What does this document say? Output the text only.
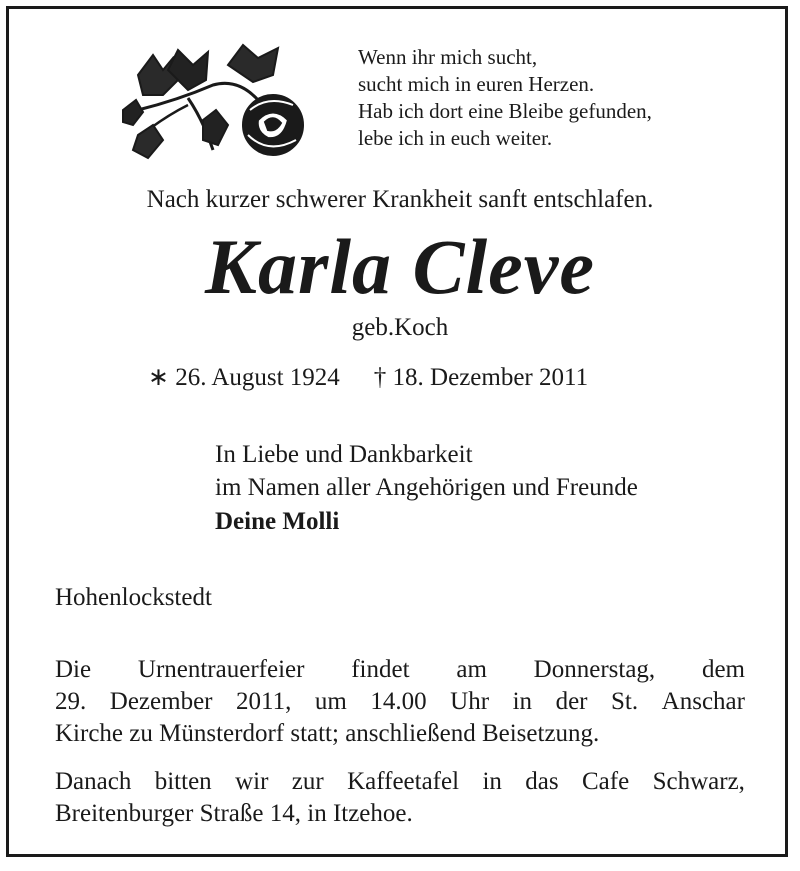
Wenn ihr mich sucht,
sucht mich in euren Herzen.
Hab ich dort eine Bleibe gefunden,
lebe ich in euch weiter.
Nach kurzer schwerer Krankheit sanft entschlafen.
Karla Cleve
geb.Koch
∗ 26. August 1924 † 18. Dezember 2011
In Liebe und Dankbarkeit
im Namen aller Angehörigen und Freunde
Deine Molli
Hohenlockstedt
Die Urnentrauerfeier findet am Donnerstag, dem
29. Dezember 2011, um 14.00 Uhr in der St. Anschar
Kirche zu Münsterdorf statt; anschließend Beisetzung.
Danach bitten wir zur Kaffeetafel in das Cafe Schwarz,
Breitenburger Straße 14, in Itzehoe.
